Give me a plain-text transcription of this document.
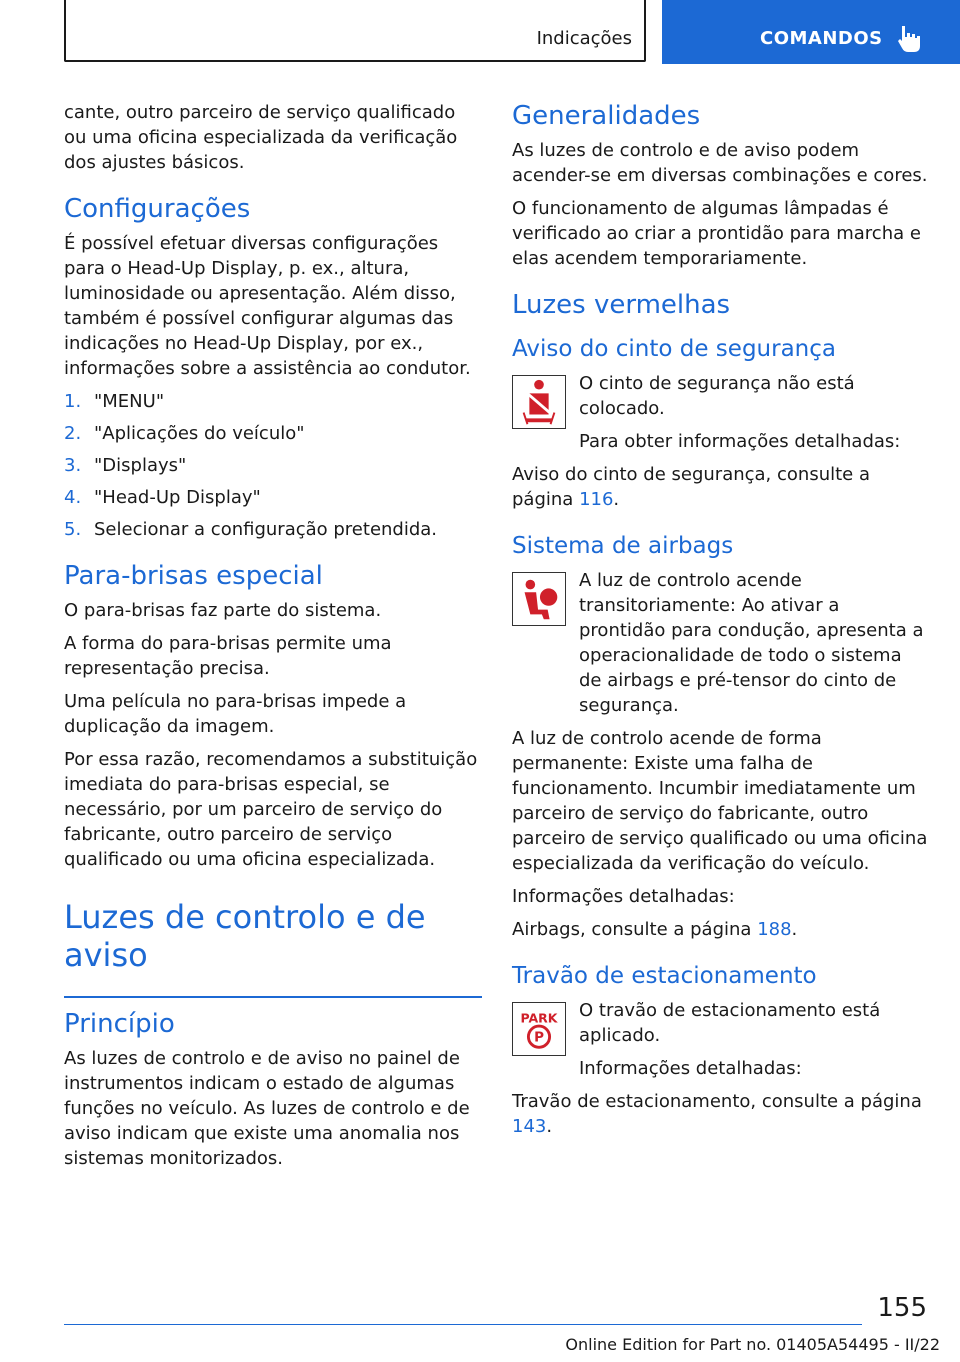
Indicações	COMANDOS

cante, outro parceiro de serviço qualificado ou uma oficina especializada da verificação dos ajustes básicos.

Configurações

É possível efetuar diversas configurações para o Head-Up Display, p. ex., altura, luminosidade ou apresentação. Além disso, também é possível configurar algumas das indicações no Head-Up Display, por ex., informações sobre a assistência ao condutor.

1. "MENU"
2. "Aplicações do veículo"
3. "Displays"
4. "Head-Up Display"
5. Selecionar a configuração pretendida.
Para-brisas especial

O para-brisas faz parte do sistema.

A forma do para-brisas permite uma representação precisa.

Uma película no para-brisas impede a duplicação da imagem.

Por essa razão, recomendamos a substituição imediata do para-brisas especial, se necessário, por um parceiro de serviço do fabricante, outro parceiro de serviço qualificado ou uma oficina especializada.

Luzes de controlo e de aviso
Princípio

As luzes de controlo e de aviso no painel de instrumentos indicam o estado de algumas funções no veículo. As luzes de controlo e de aviso indicam que existe uma anomalia nos sistemas monitorizados.

Generalidades

As luzes de controlo e de aviso podem acender-se em diversas combinações e cores.

O funcionamento de algumas lâmpadas é verificado ao criar a prontidão para marcha e elas acendem temporariamente.

Luzes vermelhas
Aviso do cinto de segurança

O cinto de segurança não está colocado.

Para obter informações detalhadas:

Aviso do cinto de segurança, consulte a página 116.

Sistema de airbags

A luz de controlo acende transitoriamente: Ao ativar a prontidão para condução, apresenta a operacionalidade de todo o sistema de airbags e pré-tensor do cinto de segurança.

A luz de controlo acende de forma permanente: Existe uma falha de funcionamento. Incumbir imediatamente um parceiro de serviço do fabricante, outro parceiro de serviço qualificado ou uma oficina especializada da verificação do veículo.

Informações detalhadas:

Airbags, consulte a página 188.

Travão de estacionamento
PARK
P

O travão de estacionamento está aplicado.

Informações detalhadas:

Travão de estacionamento, consulte a página 143.

155
Online Edition for Part no. 01405A54495 - II/22
